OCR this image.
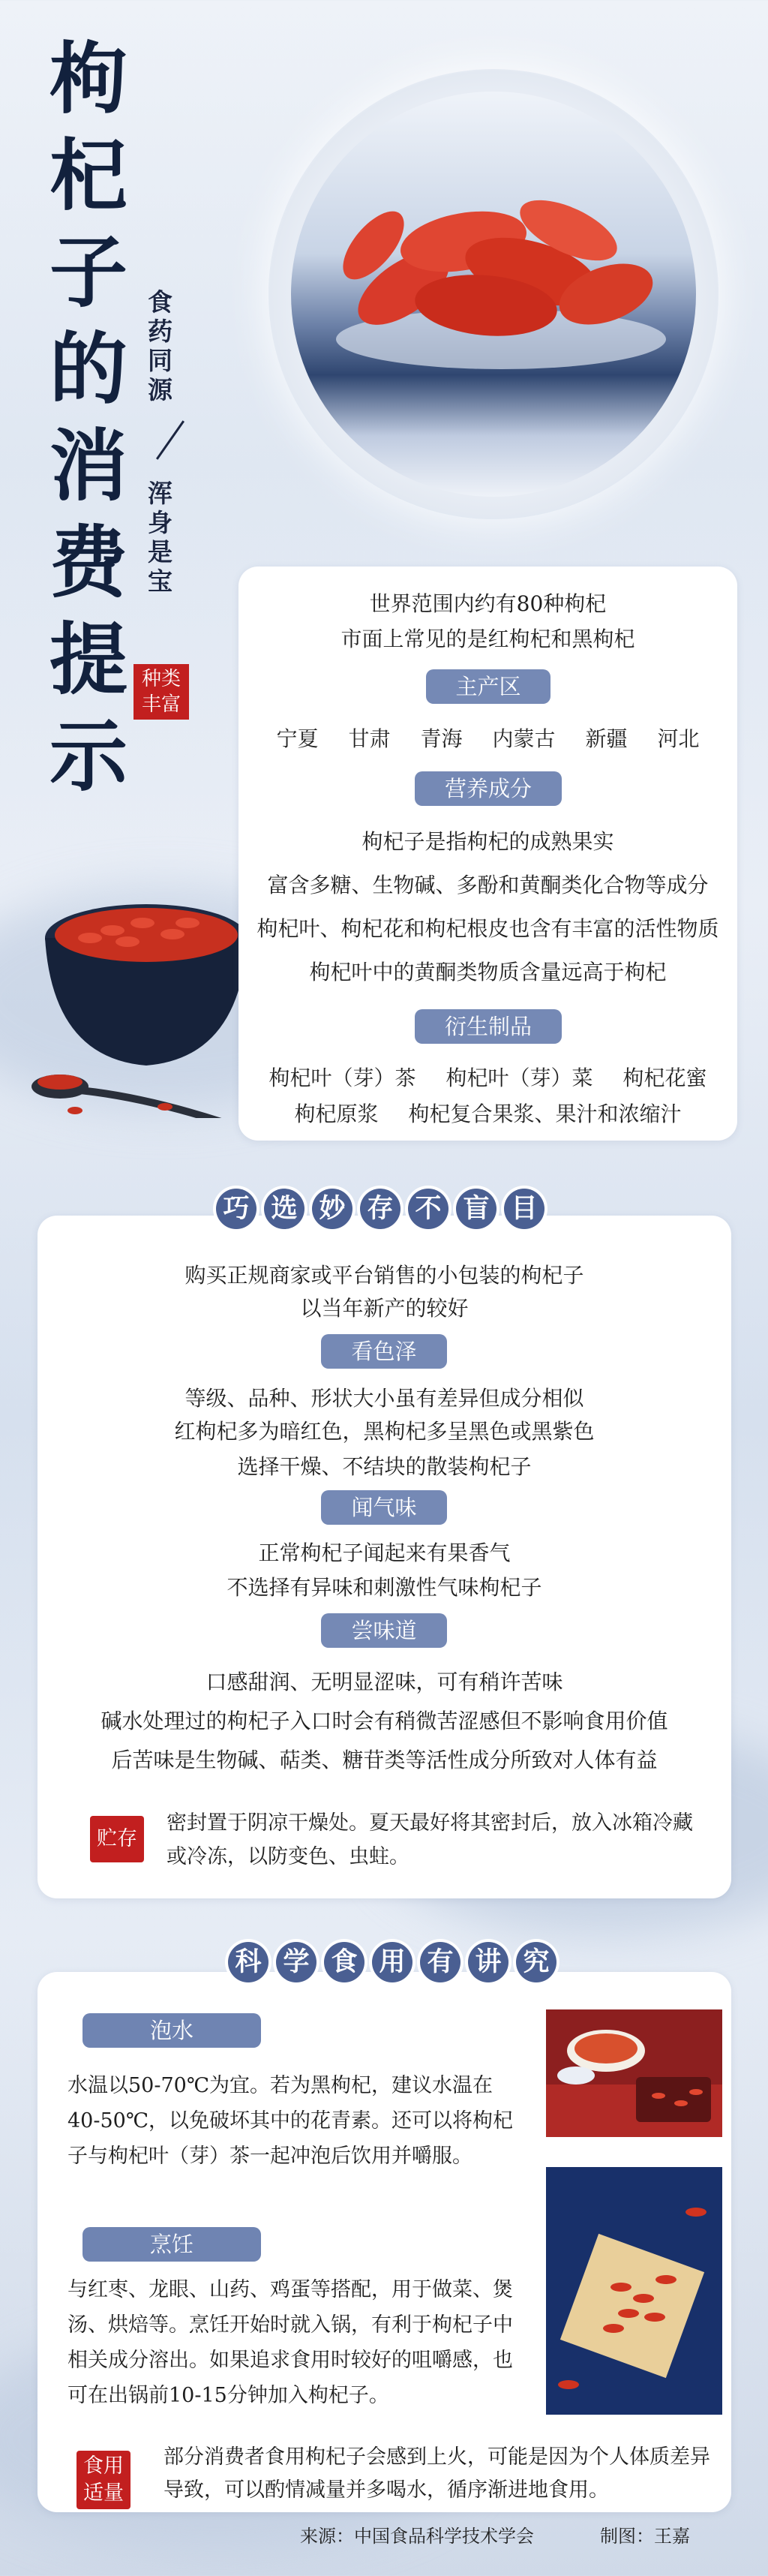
枸
杞
子
的
消
费
提
示
食药同源
浑身是宝
种类
丰富
世界范围内约有80种枸杞
市面上常见的是红枸杞和黑枸杞
主产区
宁夏 甘肃 青海 内蒙古 新疆 河北
营养成分
枸杞子是指枸杞的成熟果实
富含多糖、生物碱、多酚和黄酮类化合物等成分
枸杞叶、枸杞花和枸杞根皮也含有丰富的活性物质
枸杞叶中的黄酮类物质含量远高于枸杞
衍生制品
枸杞叶（芽）茶 枸杞叶（芽）菜 枸杞花蜜
枸杞原浆 枸杞复合果浆、果汁和浓缩汁
购买正规商家或平台销售的小包装的枸杞子
以当年新产的较好
看色泽
等级、品种、形状大小虽有差异但成分相似
红枸杞多为暗红色，黑枸杞多呈黑色或黑紫色
选择干燥、不结块的散装枸杞子
闻气味
正常枸杞子闻起来有果香气
不选择有异味和刺激性气味枸杞子
尝味道
口感甜润、无明显涩味，可有稍许苦味
碱水处理过的枸杞子入口时会有稍微苦涩感但不影响食用价值
后苦味是生物碱、萜类、糖苷类等活性成分所致对人体有益
贮存
密封置于阴凉干燥处。夏天最好将其密封后，放入冰箱冷藏或冷冻，以防变色、虫蛀。
巧 选 妙 存 不 盲 目
泡水
水温以50-70℃为宜。若为黑枸杞，建议水温在40-50℃，以免破坏其中的花青素。还可以将枸杞子与枸杞叶（芽）茶一起冲泡后饮用并嚼服。
烹饪
与红枣、龙眼、山药、鸡蛋等搭配，用于做菜、煲汤、烘焙等。烹饪开始时就入锅，有利于枸杞子中相关成分溶出。如果追求食用时较好的咀嚼感，也可在出锅前10-15分钟加入枸杞子。
食用
适量
部分消费者食用枸杞子会感到上火，可能是因为个人体质差异导致，可以酌情减量并多喝水，循序渐进地食用。
科 学 食 用 有 讲 究
来源：中国食品科学技术学会	制图：王嘉
